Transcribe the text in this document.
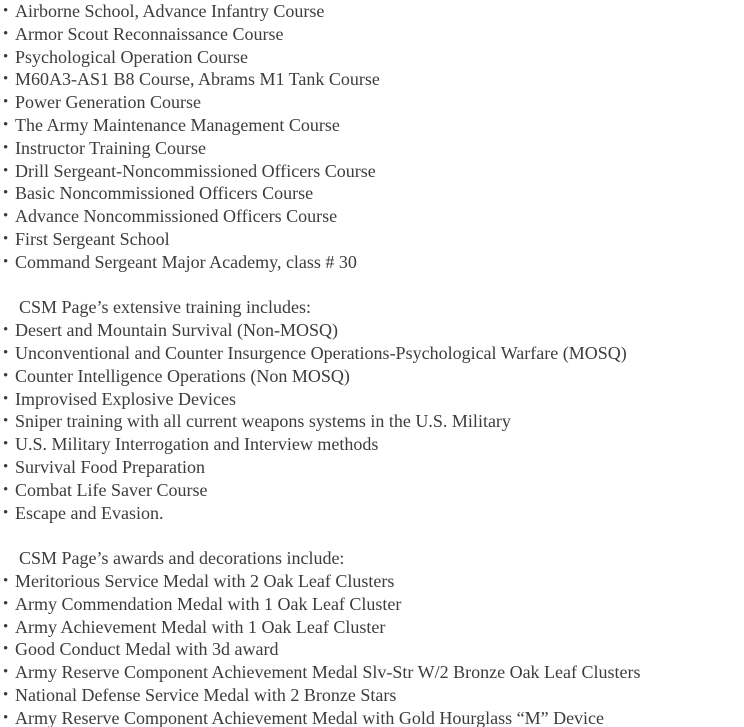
• Airborne School, Advance Infantry Course
• Armor Scout Reconnaissance Course
• Psychological Operation Course
• M60A3-AS1 B8 Course, Abrams M1 Tank Course
• Power Generation Course
• The Army Maintenance Management Course
• Instructor Training Course
• Drill Sergeant-Noncommissioned Officers Course
• Basic Noncommissioned Officers Course
• Advance Noncommissioned Officers Course
• First Sergeant School
• Command Sergeant Major Academy, class # 30

CSM Page’s extensive training includes:

• Desert and Mountain Survival (Non-MOSQ)
• Unconventional and Counter Insurgence Operations-Psychological Warfare (MOSQ)
• Counter Intelligence Operations (Non MOSQ)
• Improvised Explosive Devices
• Sniper training with all current weapons systems in the U.S. Military
• U.S. Military Interrogation and Interview methods
• Survival Food Preparation
• Combat Life Saver Course
• Escape and Evasion.

CSM Page’s awards and decorations include:

• Meritorious Service Medal with 2 Oak Leaf Clusters
• Army Commendation Medal with 1 Oak Leaf Cluster
• Army Achievement Medal with 1 Oak Leaf Cluster
• Good Conduct Medal with 3d award
• Army Reserve Component Achievement Medal Slv-Str W/2 Bronze Oak Leaf Clusters
• National Defense Service Medal with 2 Bronze Stars
• Army Reserve Component Achievement Medal with Gold Hourglass “M” Device
